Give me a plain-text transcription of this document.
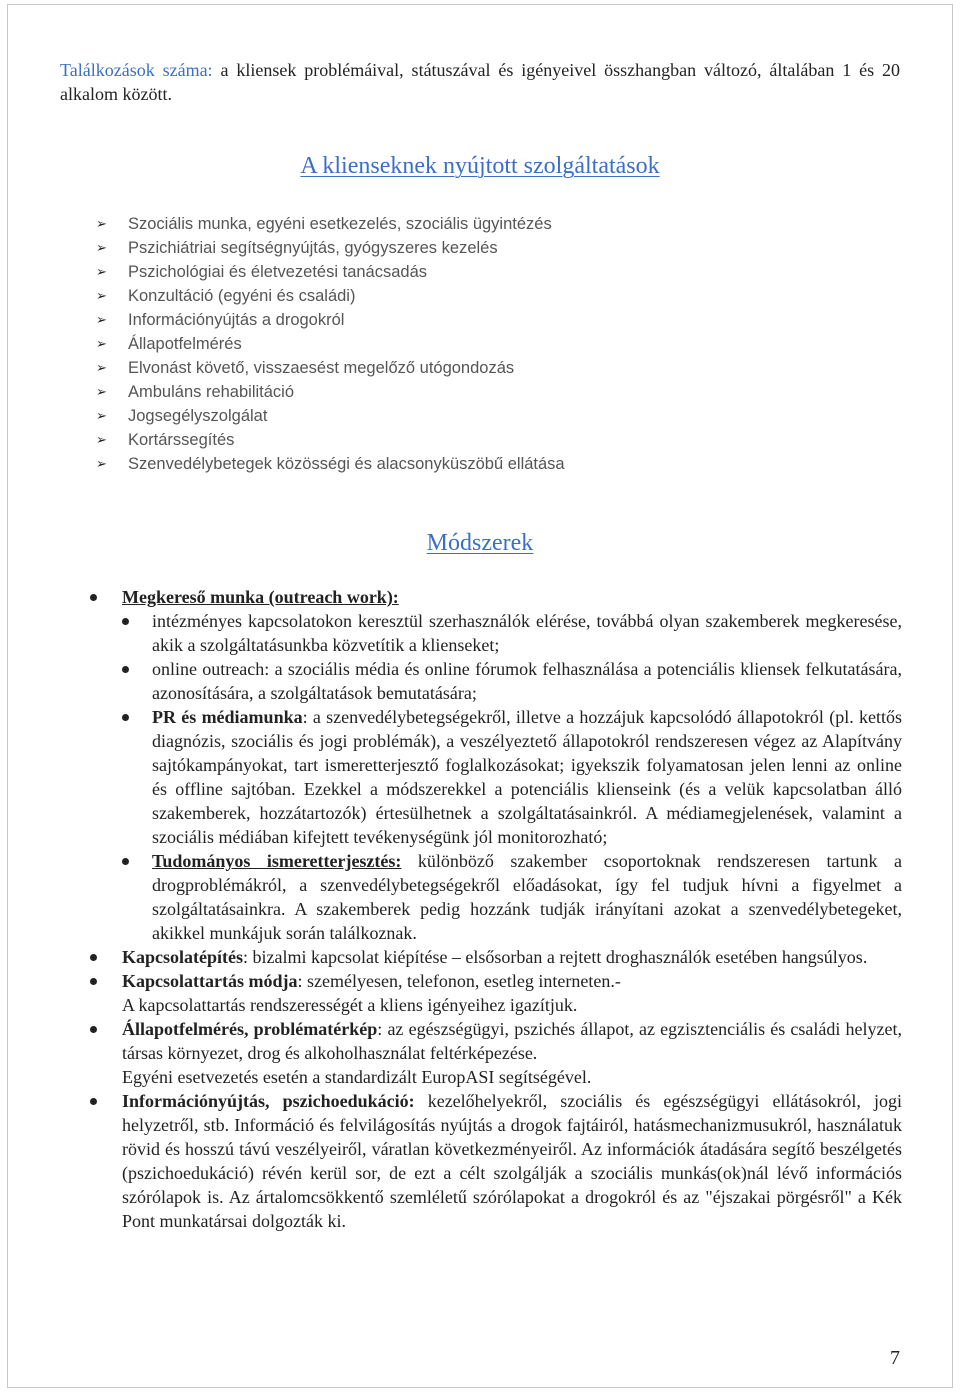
Találkozások száma: a kliensek problémáival, státuszával és igényeivel összhangban változó, általában 1 és 20 alkalom között.

A klienseknek nyújtott szolgáltatások
➢	Szociális munka, egyéni esetkezelés, szociális ügyintézés
➢	Pszichiátriai segítségnyújtás, gyógyszeres kezelés
➢	Pszichológiai és életvezetési tanácsadás
➢	Konzultáció (egyéni és családi)
➢	Információnyújtás a drogokról
➢	Állapotfelmérés
➢	Elvonást követő, visszaesést megelőző utógondozás
➢	Ambuláns rehabilitáció
➢	Jogsegélyszolgálat
➢	Kortárssegítés
➢	Szenvedélybetegek közösségi és alacsonyküszöbű ellátása
Módszerek
Megkereső munka (outreach work):
intézményes kapcsolatokon keresztül szerhasználók elérése, továbbá olyan szakemberek megkeresése, akik a szolgáltatásunkba közvetítik a klienseket;
online outreach: a szociális média és online fórumok felhasználása a potenciális kliensek felkutatására, azonosítására, a szolgáltatások bemutatására;
PR és médiamunka: a szenvedélybetegségekről, illetve a hozzájuk kapcsolódó állapotokról (pl. kettős diagnózis, szociális és jogi problémák), a veszélyeztető állapotokról rendszeresen végez az Alapítvány sajtókampányokat, tart ismeretterjesztő foglalkozásokat; igyekszik folyamatosan jelen lenni az online és offline sajtóban. Ezekkel a módszerekkel a potenciális klienseink (és a velük kapcsolatban álló szakemberek, hozzátartozók) értesülhetnek a szolgáltatásainkról. A médiamegjelenések, valamint a szociális médiában kifejtett tevékenységünk jól monitorozható;
Tudományos ismeretterjesztés: különböző szakember csoportoknak rendszeresen tartunk a drogproblémákról, a szenvedélybetegségekről előadásokat, így fel tudjuk hívni a figyelmet a szolgáltatásainkra. A szakemberek pedig hozzánk tudják irányítani azokat a szenvedélybetegeket, akikkel munkájuk során találkoznak.
Kapcsolatépítés: bizalmi kapcsolat kiépítése – elsősorban a rejtett droghasználók esetében hangsúlyos.
Kapcsolattartás módja: személyesen, telefonon, esetleg interneten.-
A kapcsolattartás rendszerességét a kliens igényeihez igazítjuk.
Állapotfelmérés, problématérkép: az egészségügyi, pszichés állapot, az egzisztenciális és családi helyzet, társas környezet, drog és alkoholhasználat feltérképezése.
Egyéni esetvezetés esetén a standardizált EuropASI segítségével.
Információnyújtás, pszichoedukáció: kezelőhelyekről, szociális és egészségügyi ellátásokról, jogi helyzetről, stb. Információ és felvilágosítás nyújtás a drogok fajtáiról, hatásmechanizmusukról, használatuk rövid és hosszú távú veszélyeiről, váratlan következményeiről. Az információk átadására segítő beszélgetés (pszichoedukáció) révén kerül sor, de ezt a célt szolgálják a szociális munkás(ok)nál lévő információs szórólapok is. Az ártalomcsökkentő szemléletű szórólapokat a drogokról és az "éjszakai pörgésről" a Kék Pont munkatársai dolgozták ki.
7
